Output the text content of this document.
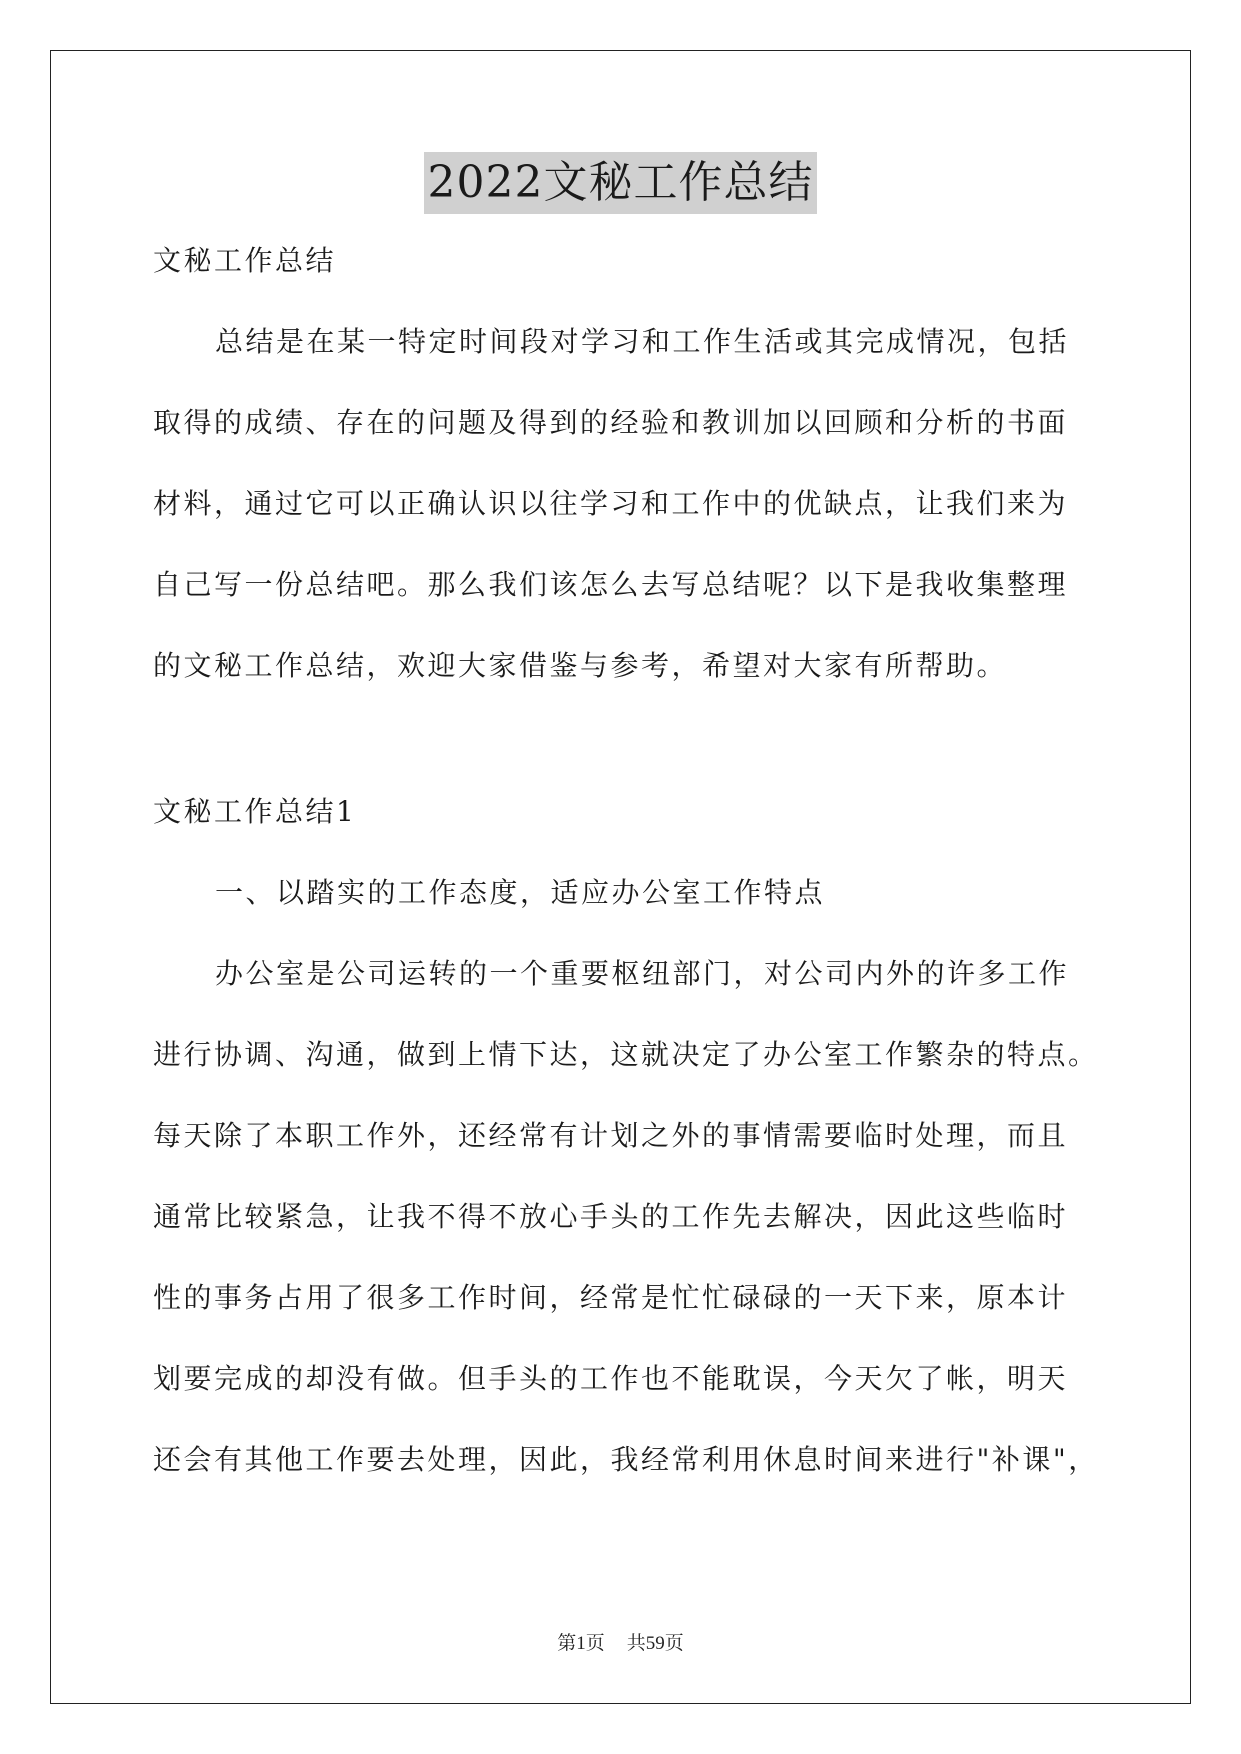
2022文秘工作总结
文秘工作总结
总结是在某一特定时间段对学习和工作生活或其完成情况，包括
取得的成绩、存在的问题及得到的经验和教训加以回顾和分析的书面
材料，通过它可以正确认识以往学习和工作中的优缺点，让我们来为
自己写一份总结吧。那么我们该怎么去写总结呢？以下是我收集整理
的文秘工作总结，欢迎大家借鉴与参考，希望对大家有所帮助。
文秘工作总结1
一、以踏实的工作态度，适应办公室工作特点
办公室是公司运转的一个重要枢纽部门，对公司内外的许多工作
进行协调、沟通，做到上情下达，这就决定了办公室工作繁杂的特点。
每天除了本职工作外，还经常有计划之外的事情需要临时处理，而且
通常比较紧急，让我不得不放心手头的工作先去解决，因此这些临时
性的事务占用了很多工作时间，经常是忙忙碌碌的一天下来，原本计
划要完成的却没有做。但手头的工作也不能耽误，今天欠了帐，明天
还会有其他工作要去处理，因此，我经常利用休息时间来进行"补课"，
第1页 共59页
